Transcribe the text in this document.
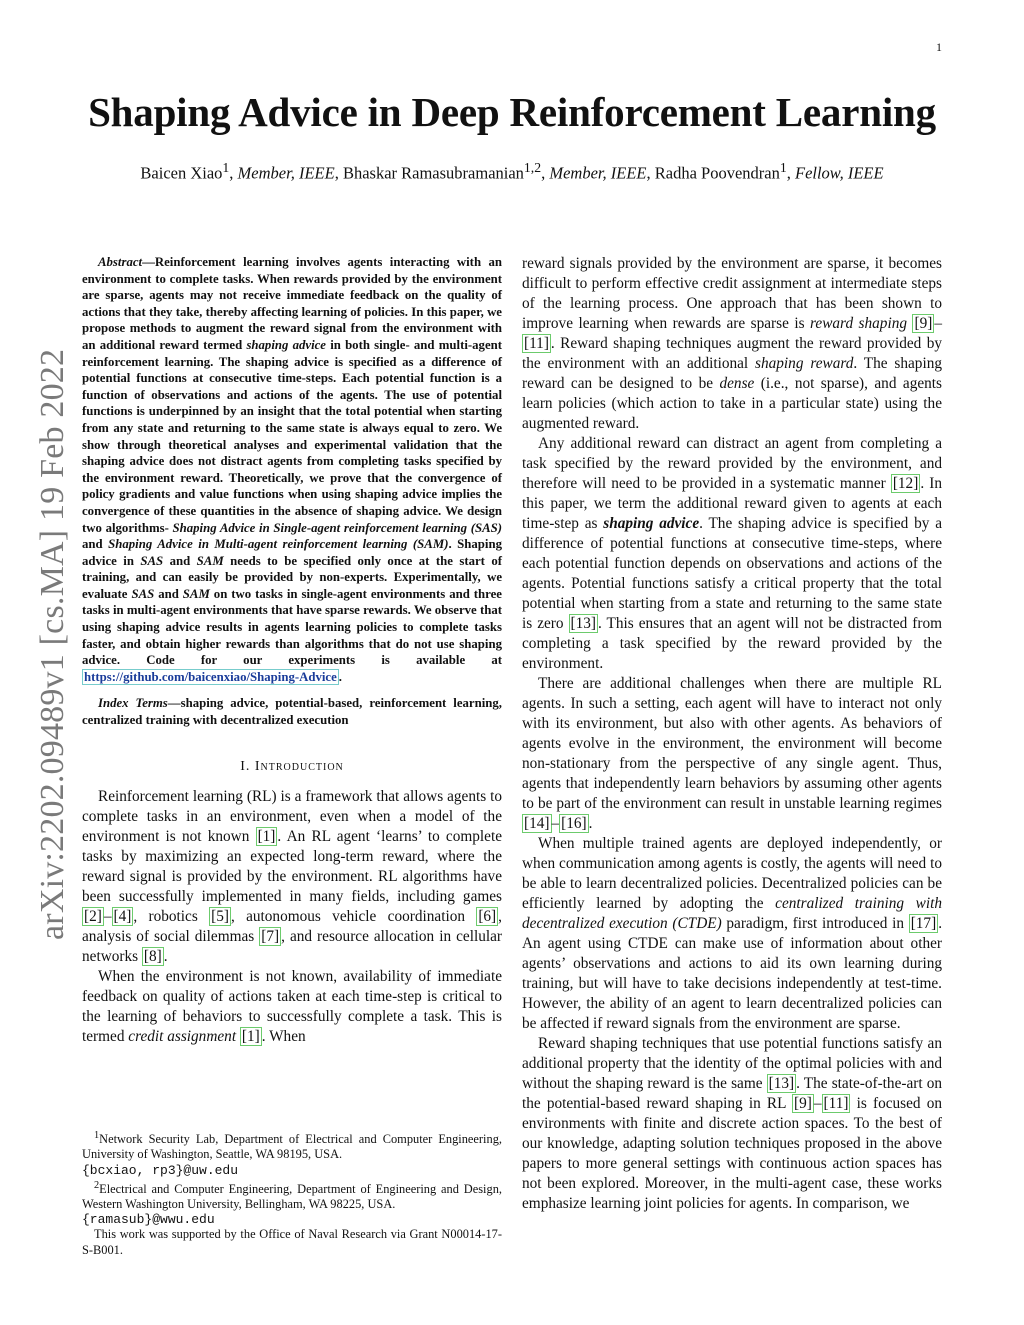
1
arXiv:2202.09489v1 [cs.MA] 19 Feb 2022
Shaping Advice in Deep Reinforcement Learning
Baicen Xiao$^1$, Member, IEEE, Bhaskar Ramasubramanian$^{1,2}$, Member, IEEE, Radha Poovendran$^1$, Fellow, IEEE

Abstract—Reinforcement learning involves agents interacting with an environment to complete tasks. When rewards provided by the environment are sparse, agents may not receive immediate feedback on the quality of actions that they take, thereby affecting learning of policies. In this paper, we propose methods to augment the reward signal from the environment with an additional reward termed shaping advice in both single- and multi-agent reinforcement learning. The shaping advice is specified as a difference of potential functions at consecutive time-steps. Each potential function is a function of observations and actions of the agents. The use of potential functions is underpinned by an insight that the total potential when starting from any state and returning to the same state is always equal to zero. We show through theoretical analyses and experimental validation that the shaping advice does not distract agents from completing tasks specified by the environment reward. Theoretically, we prove that the convergence of policy gradients and value functions when using shaping advice implies the convergence of these quantities in the absence of shaping advice. We design two algorithms- Shaping Advice in Single-agent reinforcement learning (SAS) and Shaping Advice in Multi-agent reinforcement learning (SAM). Shaping advice in SAS and SAM needs to be specified only once at the start of training, and can easily be provided by non-experts. Experimentally, we evaluate SAS and SAM on two tasks in single-agent environments and three tasks in multi-agent environments that have sparse rewards. We observe that using shaping advice results in agents learning policies to complete tasks faster, and obtain higher rewards than algorithms that do not use shaping advice. Code for our experiments is available at https://github.com/baicenxiao/Shaping-Advice .

Index Terms—shaping advice, potential-based, reinforcement learning, centralized training with decentralized execution

I. Introduction

Reinforcement learning (RL) is a framework that allows agents to complete tasks in an environment, even when a model of the environment is not known [1] . An RL agent ‘learns’ to complete tasks by maximizing an expected long-term reward, where the reward signal is provided by the environment. RL algorithms have been successfully implemented in many fields, including games [2] – [4] , robotics [5] , autonomous vehicle coordination [6] , analysis of social dilemmas [7] , and resource allocation in cellular networks [8] .

When the environment is not known, availability of immediate feedback on quality of actions taken at each time-step is critical to the learning of behaviors to successfully complete a task. This is termed credit assignment [1] . When

$^1$Network Security Lab, Department of Electrical and Computer Engineering, University of Washington, Seattle, WA 98195, USA.
{bcxiao, rp3}@uw.edu

$^2$Electrical and Computer Engineering, Department of Engineering and Design, Western Washington University, Bellingham, WA 98225, USA.
{ramasub}@wwu.edu

This work was supported by the Office of Naval Research via Grant N00014-17-S-B001.

reward signals provided by the environment are sparse, it becomes difficult to perform effective credit assignment at intermediate steps of the learning process. One approach that has been shown to improve learning when rewards are sparse is reward shaping [9] –[11] . Reward shaping techniques augment the reward provided by the environment with an additional shaping reward. The shaping reward can be designed to be dense (i.e., not sparse), and agents learn policies (which action to take in a particular state) using the augmented reward.

Any additional reward can distract an agent from completing a task specified by the reward provided by the environment, and therefore will need to be provided in a systematic manner [12] . In this paper, we term the additional reward given to agents at each time-step as shaping advice. The shaping advice is specified by a difference of potential functions at consecutive time-steps, where each potential function depends on observations and actions of the agents. Potential functions satisfy a critical property that the total potential when starting from a state and returning to the same state is zero [13] . This ensures that an agent will not be distracted from completing a task specified by the reward provided by the environment.

There are additional challenges when there are multiple RL agents. In such a setting, each agent will have to interact not only with its environment, but also with other agents. As behaviors of agents evolve in the environment, the environment will become non-stationary from the perspective of any single agent. Thus, agents that independently learn behaviors by assuming other agents to be part of the environment can result in unstable learning regimes [14] – [16] .

When multiple trained agents are deployed independently, or when communication among agents is costly, the agents will need to be able to learn decentralized policies. Decentralized policies can be efficiently learned by adopting the centralized training with decentralized execution (CTDE) paradigm, first introduced in [17] . An agent using CTDE can make use of information about other agents’ observations and actions to aid its own learning during training, but will have to take decisions independently at test-time. However, the ability of an agent to learn decentralized policies can be affected if reward signals from the environment are sparse.

Reward shaping techniques that use potential functions satisfy an additional property that the identity of the optimal policies with and without the shaping reward is the same [13] . The state-of-the-art on the potential-based reward shaping in RL [9] – [11] is focused on environments with finite and discrete action spaces. To the best of our knowledge, adapting solution techniques proposed in the above papers to more general settings with continuous action spaces has not been explored. Moreover, in the multi-agent case, these works emphasize learning joint policies for agents. In comparison, we
